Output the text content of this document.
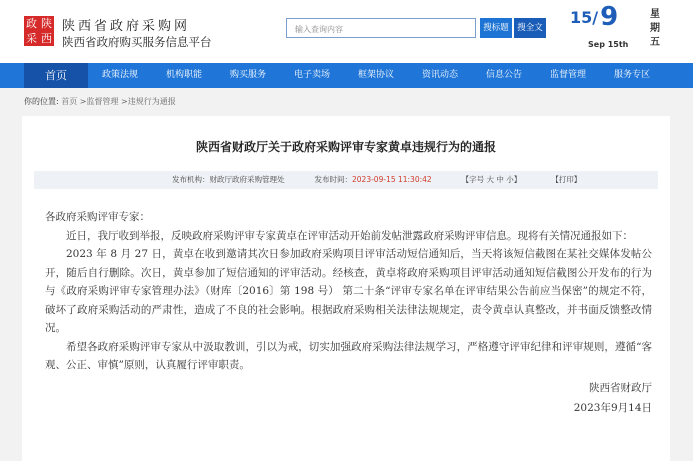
政 陕
采 西
陕西省政府采购网
陕西省政府购买服务信息平台
输入查询内容	搜标题 搜全文
15/ 9
Sep 15th
星期五
首页	政策法规	机构职能	购买服务	电子卖场	框架协议	资讯动态	信息公告	监督管理	服务专区
你的位置: 首页 >监督管理 >违规行为通报
陕西省财政厅关于政府采购评审专家黄卓违规行为的通报
发布机构：财政厅政府采购管理处	发布时间：2023-09-15 11:30:42	【字号 大 中 小】	【打印】

各政府采购评审专家：

近日，我厅收到举报，反映政府采购评审专家黄卓在评审活动开始前发帖泄露政府采购评审信息。现将有关情况通报如下：

2023 年 8 月 27 日，黄卓在收到邀请其次日参加政府采购项目评审活动短信通知后，当天将该短信截图在某社交媒体发帖公开，随后自行删除。次日，黄卓参加了短信通知的评审活动。经核查，黄卓将政府采购项目评审活动通知短信截图公开发布的行为与《政府采购评审专家管理办法》（财库〔2016〕第 198 号） 第二十条“评审专家名单在评审结果公告前应当保密”的规定不符，破坏了政府采购活动的严肃性，造成了不良的社会影响。根据政府采购相关法律法规规定，责令黄卓认真整改，并书面反馈整改情况。

希望各政府采购评审专家从中汲取教训，引以为戒，切实加强政府采购法律法规学习，严格遵守评审纪律和评审规则，遵循“客观、公正、审慎”原则，认真履行评审职责。

陕西省财政厅

2023年9月14日
